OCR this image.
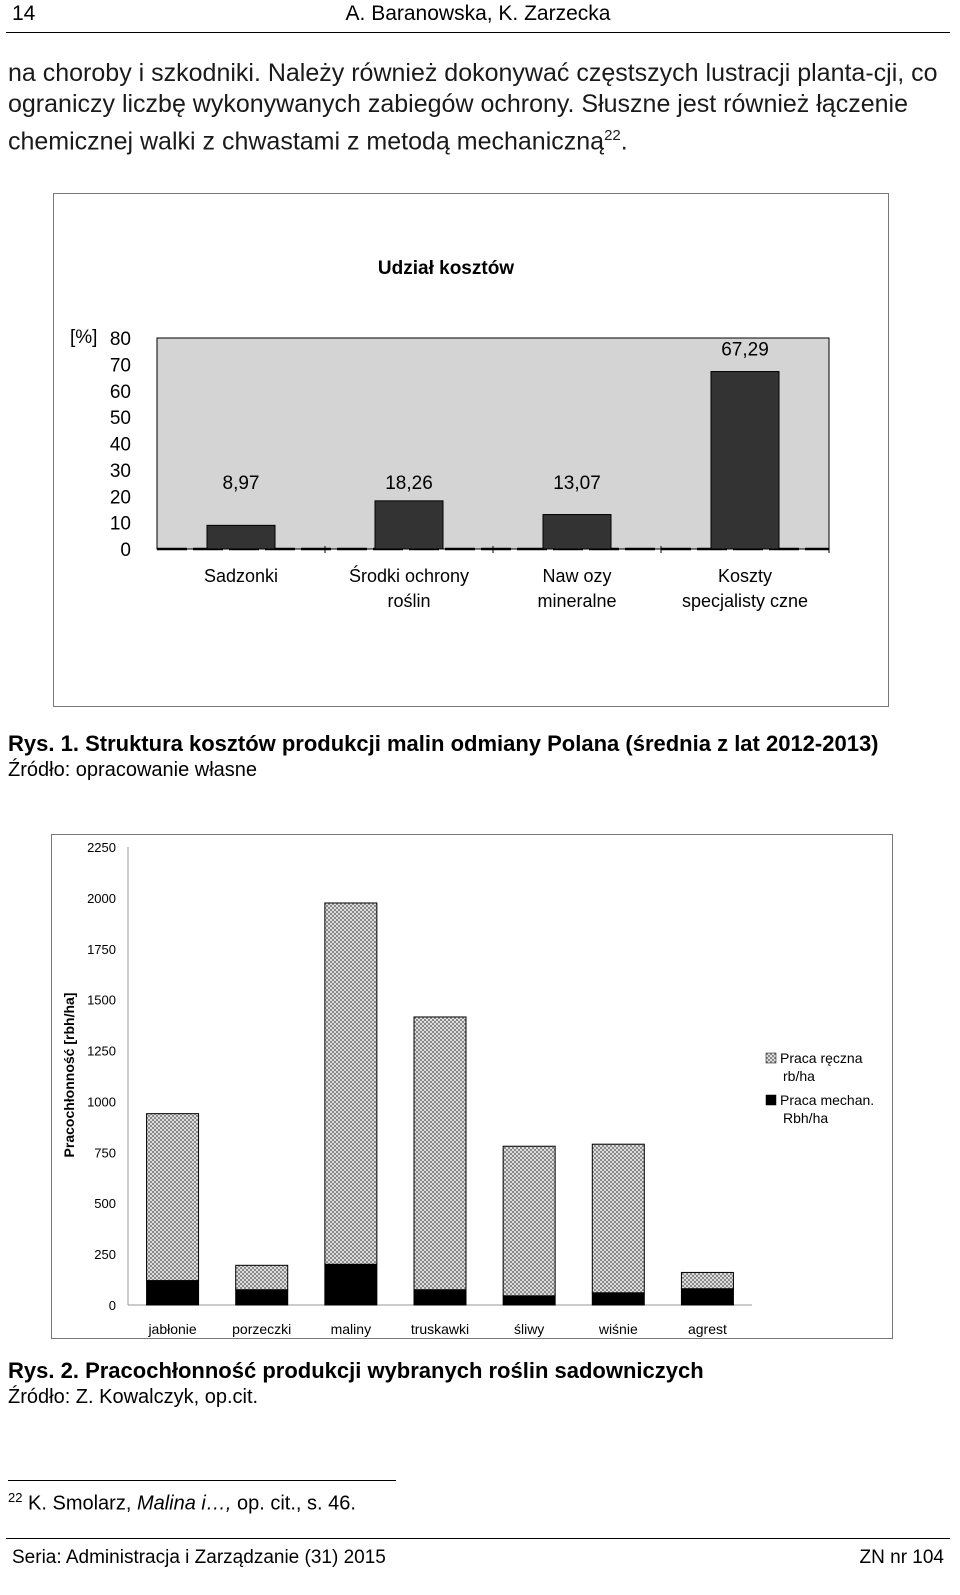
14	A. Baranowska, K. Zarzecka
na choroby i szkodniki. Należy również dokonywać częstszych lustracji planta-cji, co ograniczy liczbę wykonywanych zabiegów ochrony. Słuszne jest również łączenie chemicznej walki z chwastami z metodą mechaniczną$^{22}$.
Udział kosztów
[%]
0
10
20
30
40
50
60
70
80
8,97
Sadzonki
18,26
Środki ochrony roślin
13,07
Naw ozy mineralne
67,29
Koszty specjalisty czne
Rys. 1. Struktura kosztów produkcji malin odmiany Polana (średnia z lat 2012-2013)
Źródło: opracowanie własne
0
250
500
750
1000
1250
1500
1750
2000
2250
Pracochłonność [rbh/ha]
jabłonie	porzeczki	maliny	truskawki	śliwy	wiśnie	agrest
Praca ręczna rb/ha
Praca mechan. Rbh/ha
Rys. 2. Pracochłonność produkcji wybranych roślin sadowniczych
Źródło: Z. Kowalczyk, op.cit.
$^{22}$ K. Smolarz, Malina i…, op. cit., s. 46.
Seria: Administracja i Zarządzanie (31) 2015	ZN nr 104
